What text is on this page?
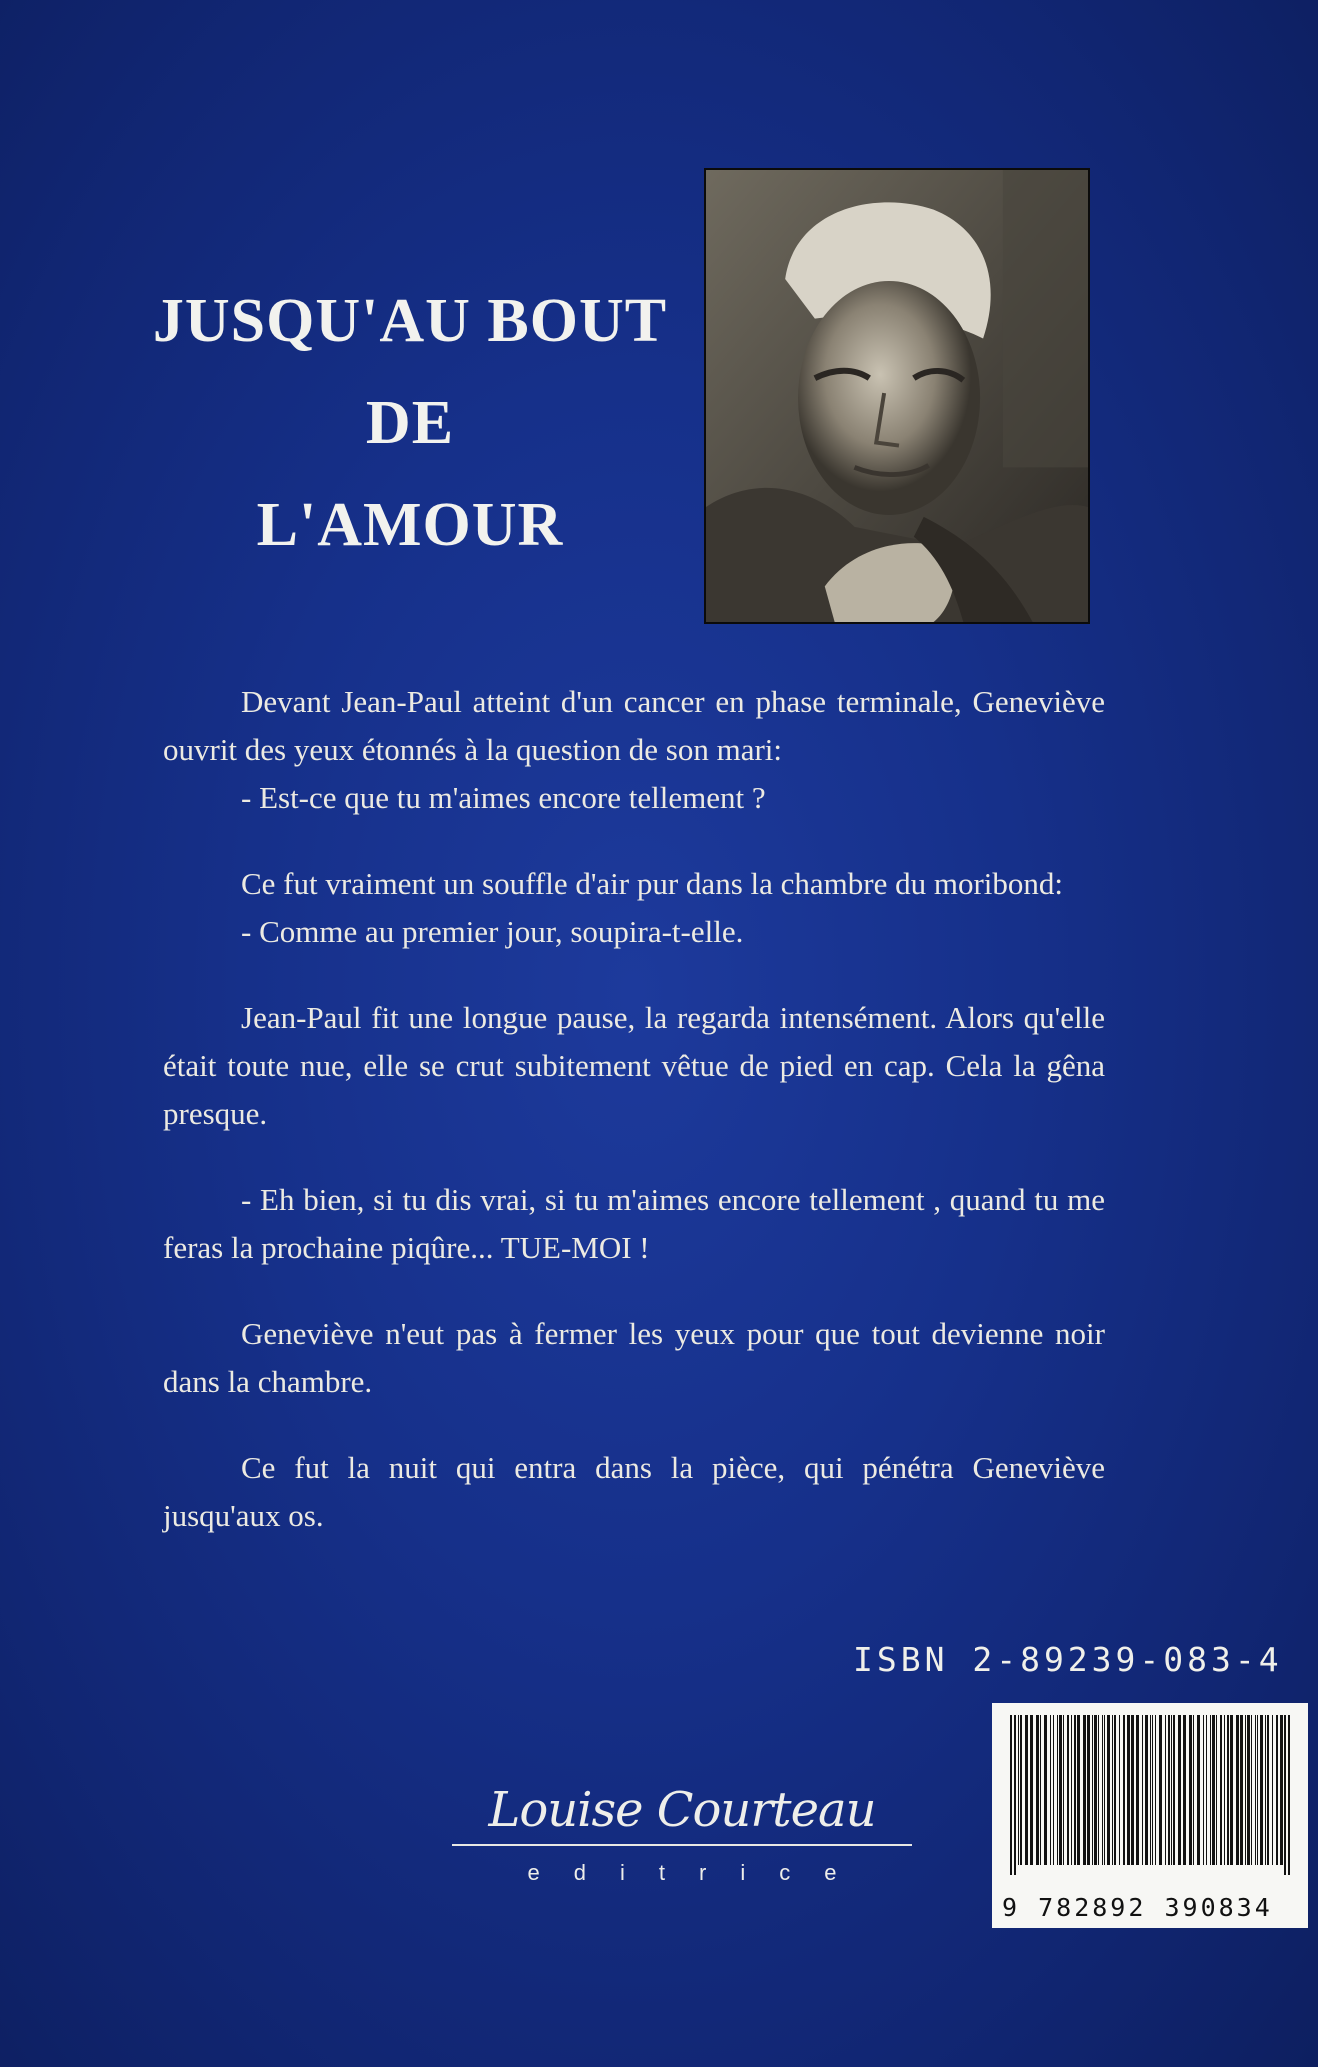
JUSQU'AU BOUT
DE
L'AMOUR

Devant Jean-Paul atteint d'un cancer en phase terminale, Geneviève ouvrit des yeux étonnés à la question de son mari:
- Est-ce que tu m'aimes encore tellement ?

Ce fut vraiment un souffle d'air pur dans la chambre du moribond:
- Comme au premier jour, soupira-t-elle.

Jean-Paul fit une longue pause, la regarda intensément. Alors qu'elle était toute nue, elle se crut subitement vêtue de pied en cap. Cela la gêna presque.

- Eh bien, si tu dis vrai, si tu m'aimes encore tellement , quand tu me feras la prochaine piqûre... TUE-MOI !

Geneviève n'eut pas à fermer les yeux pour que tout devienne noir dans la chambre.

Ce fut la nuit qui entra dans la pièce, qui pénétra Geneviève jusqu'aux os.

ISBN 2-89239-083-4
9 782892 390834
Louise Courteau
editrice
